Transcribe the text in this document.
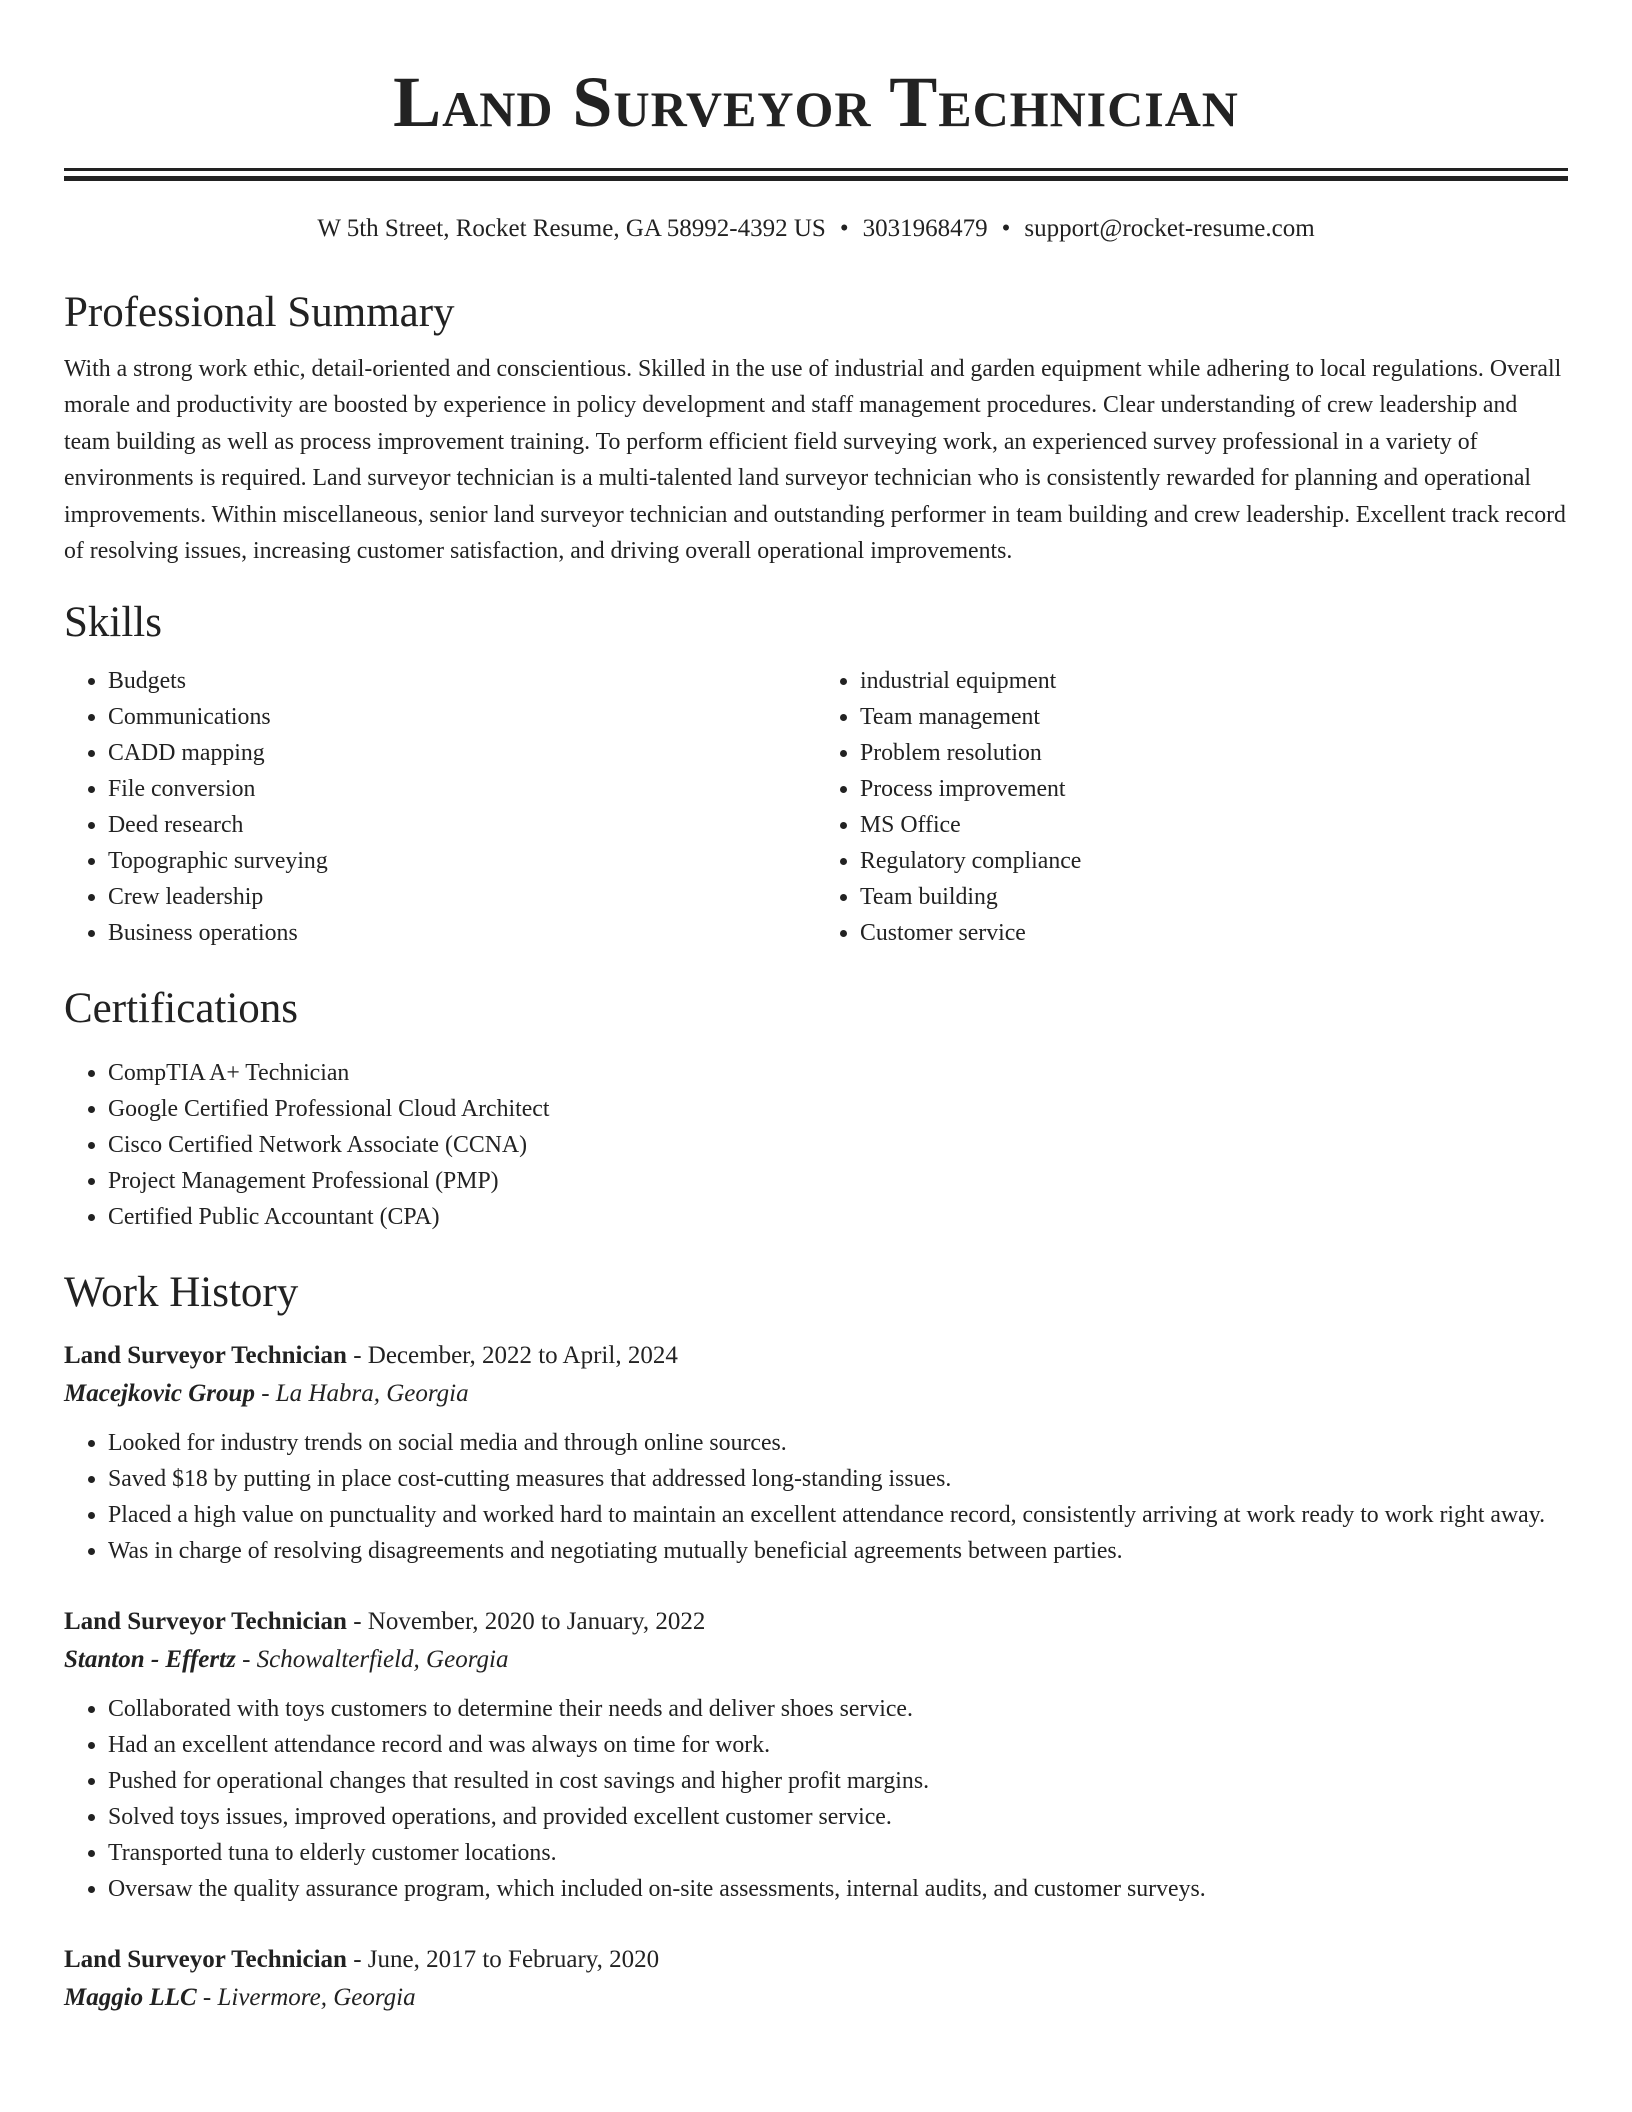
Land Surveyor Technician
W 5th Street, Rocket Resume, GA 58992-4392 US • 3031968479 • support@rocket-resume.com
Professional Summary

With a strong work ethic, detail-oriented and conscientious. Skilled in the use of industrial and garden equipment while adhering to local regulations. Overall morale and productivity are boosted by experience in policy development and staff management procedures. Clear understanding of crew leadership and team building as well as process improvement training. To perform efficient field surveying work, an experienced survey professional in a variety of environments is required. Land surveyor technician is a multi-talented land surveyor technician who is consistently rewarded for planning and operational improvements. Within miscellaneous, senior land surveyor technician and outstanding performer in team building and crew leadership. Excellent track record of resolving issues, increasing customer satisfaction, and driving overall operational improvements.

Skills
• Budgets
• Communications
• CADD mapping
• File conversion
• Deed research
• Topographic surveying
• Crew leadership
• Business operations
• industrial equipment
• Team management
• Problem resolution
• Process improvement
• MS Office
• Regulatory compliance
• Team building
• Customer service
Certifications
• CompTIA A+ Technician
• Google Certified Professional Cloud Architect
• Cisco Certified Network Associate (CCNA)
• Project Management Professional (PMP)
• Certified Public Accountant (CPA)
Work History
Land Surveyor Technician - December, 2022 to April, 2024
Macejkovic Group - La Habra, Georgia
• Looked for industry trends on social media and through online sources.
• Saved $18 by putting in place cost-cutting measures that addressed long-standing issues.
• Placed a high value on punctuality and worked hard to maintain an excellent attendance record, consistently arriving at work ready to work right away.
• Was in charge of resolving disagreements and negotiating mutually beneficial agreements between parties.
Land Surveyor Technician - November, 2020 to January, 2022
Stanton - Effertz - Schowalterfield, Georgia
• Collaborated with toys customers to determine their needs and deliver shoes service.
• Had an excellent attendance record and was always on time for work.
• Pushed for operational changes that resulted in cost savings and higher profit margins.
• Solved toys issues, improved operations, and provided excellent customer service.
• Transported tuna to elderly customer locations.
• Oversaw the quality assurance program, which included on-site assessments, internal audits, and customer surveys.
Land Surveyor Technician - June, 2017 to February, 2020
Maggio LLC - Livermore, Georgia
